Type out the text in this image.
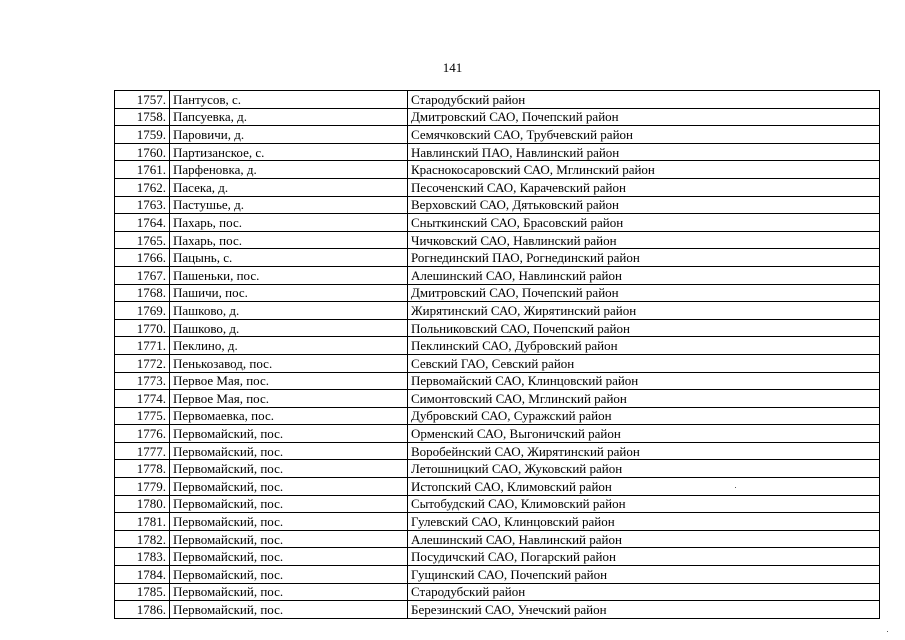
141
1757.	Пантусов, с.	Стародубский район
1758.	Папсуевка, д.	Дмитровский САО, Почепский район
1759.	Паровичи, д.	Семячковский САО, Трубчевский район
1760.	Партизанское, с.	Навлинский ПАО, Навлинский район
1761.	Парфеновка, д.	Краснокосаровский САО, Мглинский район
1762.	Пасека, д.	Песоченский САО, Карачевский район
1763.	Пастушье, д.	Верховский САО, Дятьковский район
1764.	Пахарь, пос.	Сныткинский САО, Брасовский район
1765.	Пахарь, пос.	Чичковский САО, Навлинский район
1766.	Пацынь, с.	Рогнединский ПАО, Рогнединский район
1767.	Пашеньки, пос.	Алешинский САО, Навлинский район
1768.	Пашичи, пос.	Дмитровский САО, Почепский район
1769.	Пашково, д.	Жирятинский САО, Жирятинский район
1770.	Пашково, д.	Польниковский САО, Почепский район
1771.	Пеклино, д.	Пеклинский САО, Дубровский район
1772.	Пенькозавод, пос.	Севский ГАО, Севский район
1773.	Первое Мая, пос.	Первомайский САО, Клинцовский район
1774.	Первое Мая, пос.	Симонтовский САО, Мглинский район
1775.	Первомаевка, пос.	Дубровский САО, Суражский район
1776.	Первомайский, пос.	Орменский САО, Выгоничский район
1777.	Первомайский, пос.	Воробейнский САО, Жирятинский район
1778.	Первомайский, пос.	Летошницкий САО, Жуковский район
1779.	Первомайский, пос.	Истопский САО, Климовский район
1780.	Первомайский, пос.	Сытобудский САО, Климовский район
1781.	Первомайский, пос.	Гулевский САО, Клинцовский район
1782.	Первомайский, пос.	Алешинский САО, Навлинский район
1783.	Первомайский, пос.	Посудичский САО, Погарский район
1784.	Первомайский, пос.	Гущинский САО, Почепский район
1785.	Первомайский, пос.	Стародубский район
1786.	Первомайский, пос.	Березинский САО, Унечский район
